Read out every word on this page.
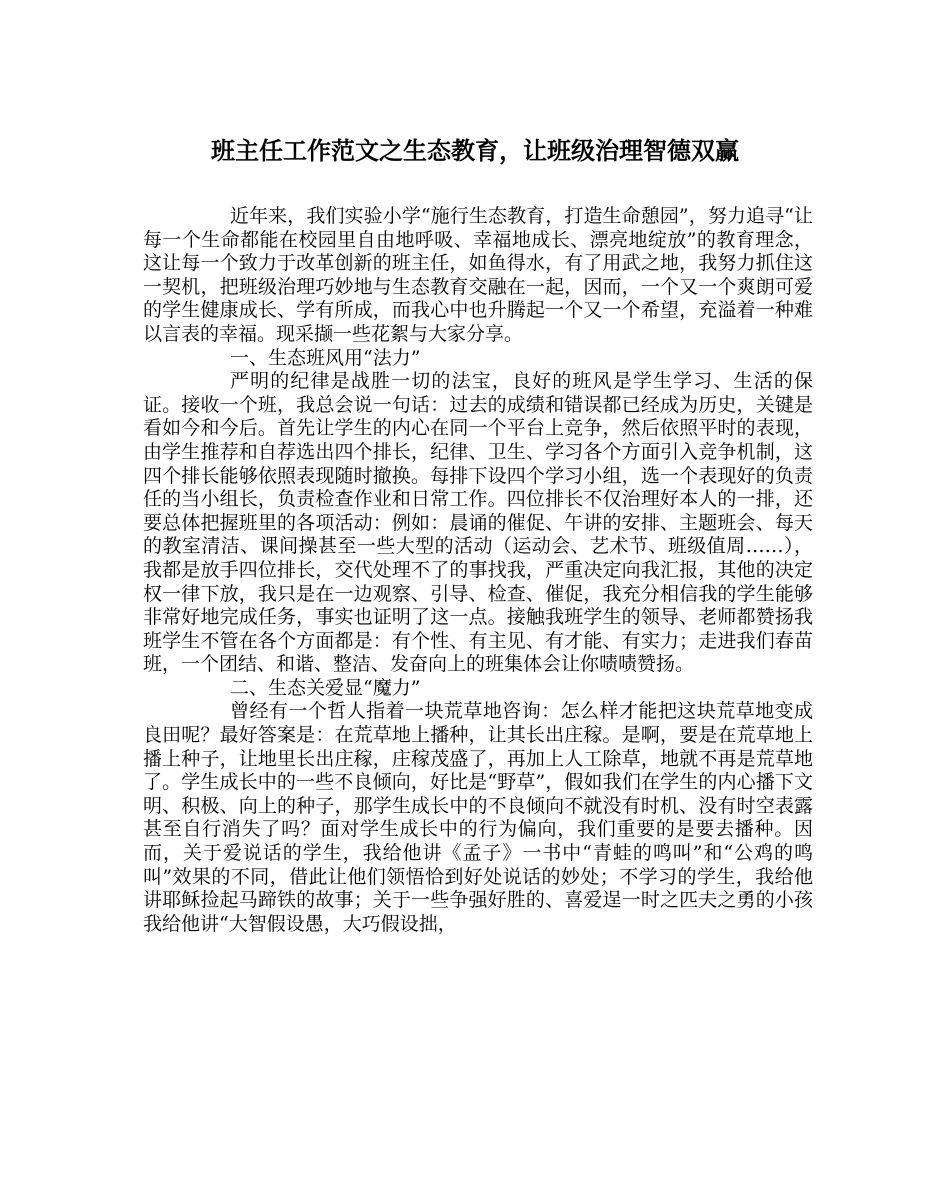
班主任工作范文之生态教育，让班级治理智德双赢

近年来，我们实验小学“施行生态教育，打造生命憩园”，努力追寻“让每一个生命都能在校园里自由地呼吸、幸福地成长、漂亮地绽放”的教育理念，这让每一个致力于改革创新的班主任，如鱼得水，有了用武之地，我努力抓住这一契机，把班级治理巧妙地与生态教育交融在一起，因而，一个又一个爽朗可爱的学生健康成长、学有所成，而我心中也升腾起一个又一个希望，充溢着一种难以言表的幸福。现采撷一些花絮与大家分享。

一、生态班风用“法力”

严明的纪律是战胜一切的法宝，良好的班风是学生学习、生活的保证。接收一个班，我总会说一句话：过去的成绩和错误都已经成为历史，关键是看如今和今后。首先让学生的内心在同一个平台上竞争，然后依照平时的表现，由学生推荐和自荐选出四个排长，纪律、卫生、学习各个方面引入竞争机制，这四个排长能够依照表现随时撤换。每排下设四个学习小组，选一个表现好的负责任的当小组长，负责检查作业和日常工作。四位排长不仅治理好本人的一排，还要总体把握班里的各项活动：例如：晨诵的催促、午讲的安排、主题班会、每天的教室清洁、课间操甚至一些大型的活动（运动会、艺术节、班级值周……），我都是放手四位排长，交代处理不了的事找我，严重决定向我汇报，其他的决定权一律下放，我只是在一边观察、引导、检查、催促，我充分相信我的学生能够非常好地完成任务，事实也证明了这一点。接触我班学生的领导、老师都赞扬我班学生不管在各个方面都是：有个性、有主见、有才能、有实力；走进我们春苗班，一个团结、和谐、整洁、发奋向上的班集体会让你啧啧赞扬。

二、生态关爱显“魔力”

曾经有一个哲人指着一块荒草地咨询：怎么样才能把这块荒草地变成良田呢？最好答案是：在荒草地上播种，让其长出庄稼。是啊，要是在荒草地上播上种子，让地里长出庄稼，庄稼茂盛了，再加上人工除草，地就不再是荒草地了。学生成长中的一些不良倾向，好比是“野草”，假如我们在学生的内心播下文明、积极、向上的种子，那学生成长中的不良倾向不就没有时机、没有时空表露甚至自行消失了吗？面对学生成长中的行为偏向，我们重要的是要去播种。因而，关于爱说话的学生，我给他讲《孟子》一书中“青蛙的鸣叫”和“公鸡的鸣叫”效果的不同，借此让他们领悟恰到好处说话的妙处；不学习的学生，我给他讲耶稣捡起马蹄铁的故事；关于一些争强好胜的、喜爱逞一时之匹夫之勇的小孩我给他讲“大智假设愚，大巧假设拙，
